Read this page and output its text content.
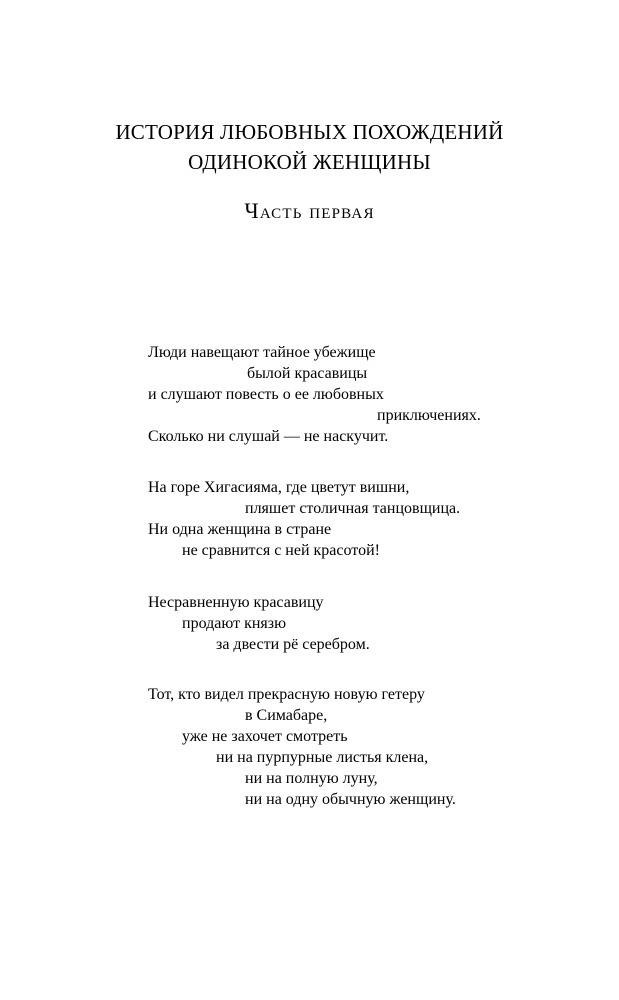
ИСТОРИЯ ЛЮБОВНЫХ ПОХОЖДЕНИЙ
ОДИНОКОЙ ЖЕНЩИНЫ
Часть первая
Люди навещают тайное убежище
былой красавицы
и слушают повесть о ее любовных
приключениях.
Сколько ни слушай — не наскучит.
На горе Хигасияма, где цветут вишни,
пляшет столичная танцовщица.
Ни одна женщина в стране
не сравнится с ней красотой!
Несравненную красавицу
продают князю
за двести рё серебром.
Тот, кто видел прекрасную новую гетеру
в Симабаре,
уже не захочет смотреть
ни на пурпурные листья клена,
ни на полную луну,
ни на одну обычную женщину.
